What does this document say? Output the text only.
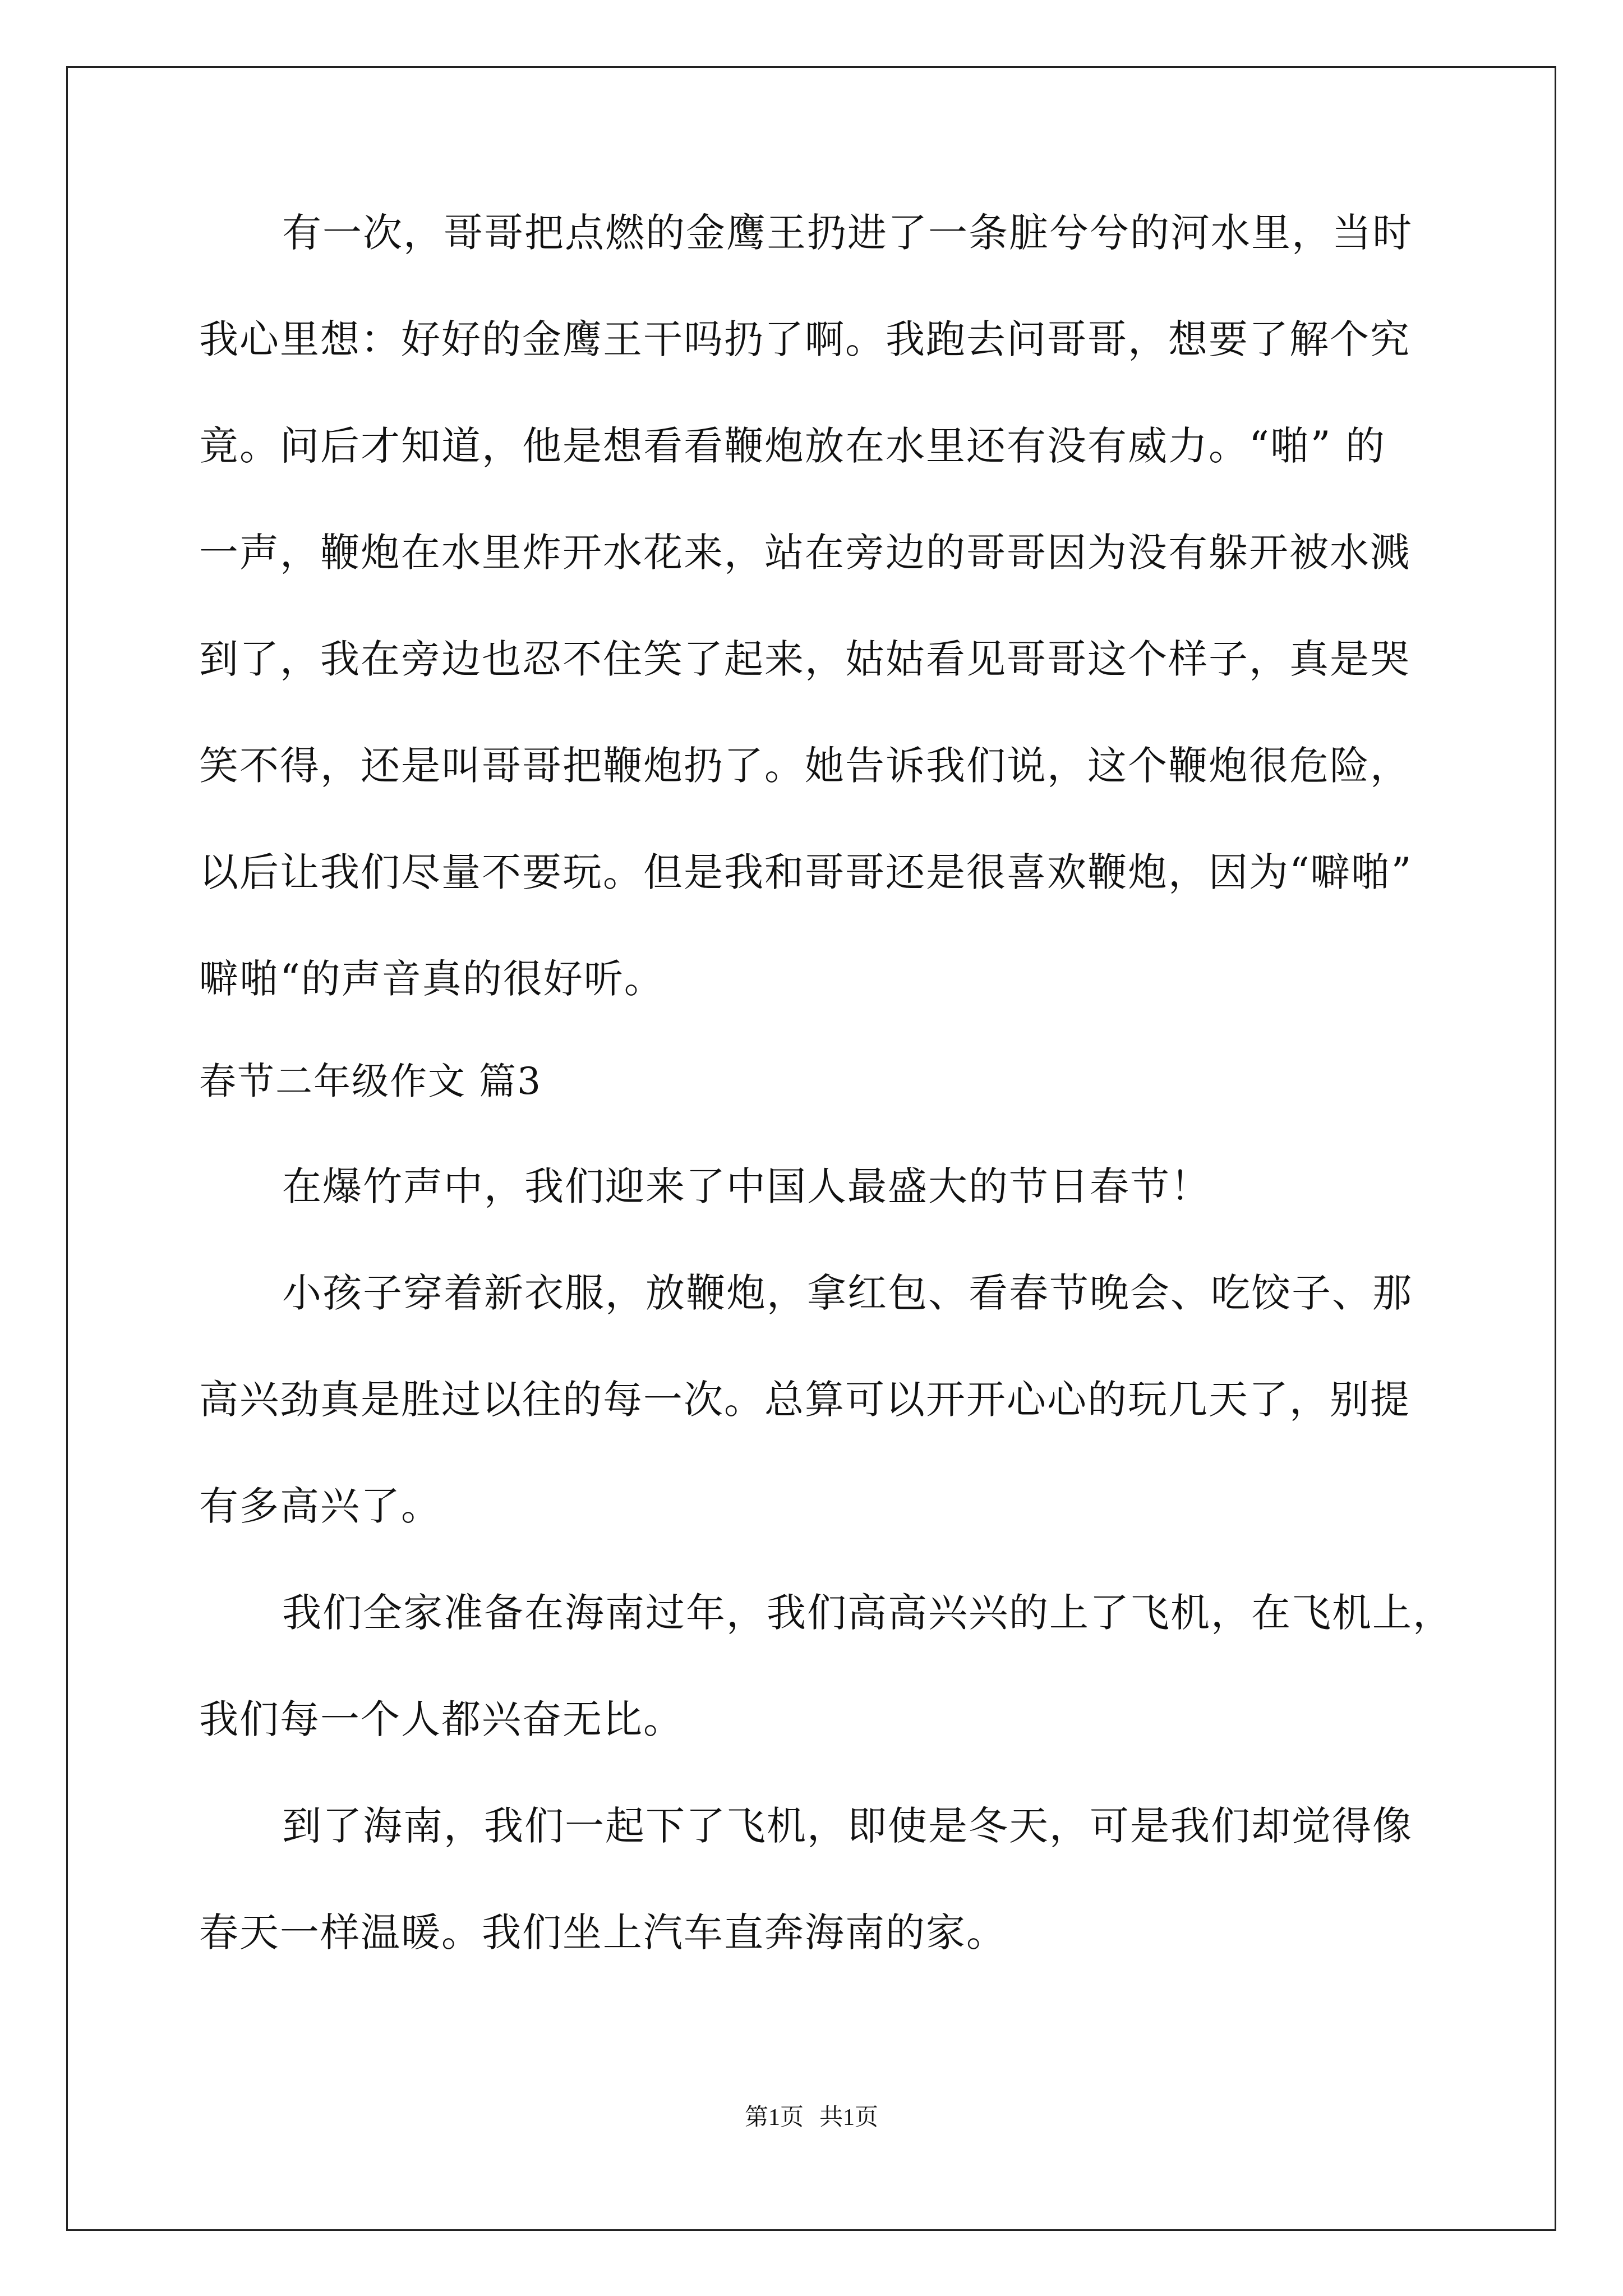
有一次，哥哥把点燃的金鹰王扔进了一条脏兮兮的河水里，当时
我心里想：好好的金鹰王干吗扔了啊。我跑去问哥哥，想要了解个究
竟。问后才知道，他是想看看鞭炮放在水里还有没有威力。“啪” 的
一声，鞭炮在水里炸开水花来，站在旁边的哥哥因为没有躲开被水溅
到了，我在旁边也忍不住笑了起来，姑姑看见哥哥这个样子，真是哭
笑不得，还是叫哥哥把鞭炮扔了。她告诉我们说，这个鞭炮很危险，
以后让我们尽量不要玩。但是我和哥哥还是很喜欢鞭炮，因为“噼啪”
噼啪“的声音真的很好听。
春节二年级作文 篇3
在爆竹声中，我们迎来了中国人最盛大的节日春节！
小孩子穿着新衣服，放鞭炮，拿红包、看春节晚会、吃饺子、那
高兴劲真是胜过以往的每一次。总算可以开开心心的玩几天了，别提
有多高兴了。
我们全家准备在海南过年，我们高高兴兴的上了飞机，在飞机上，
我们每一个人都兴奋无比。
到了海南，我们一起下了飞机，即使是冬天，可是我们却觉得像
春天一样温暖。我们坐上汽车直奔海南的家。
第1页 共1页
